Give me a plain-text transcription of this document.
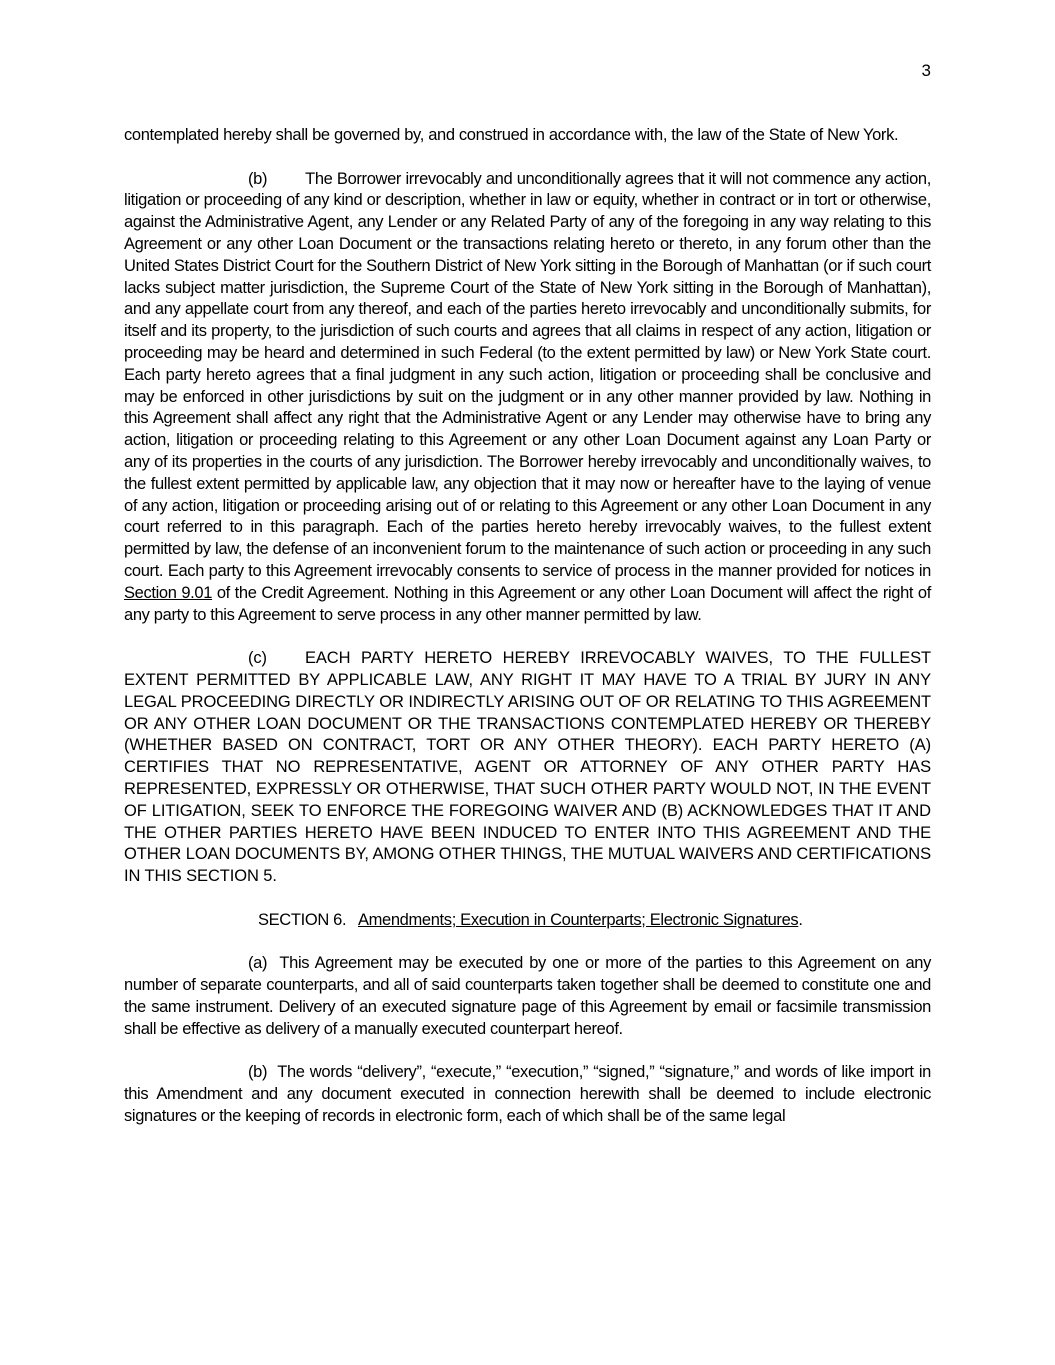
3

contemplated hereby shall be governed by, and construed in accordance with, the law of the State of New York.

(b) The Borrower irrevocably and unconditionally agrees that it will not commence any action, litigation or proceeding of any kind or description, whether in law or equity, whether in contract or in tort or otherwise, against the Administrative Agent, any Lender or any Related Party of any of the foregoing in any way relating to this Agreement or any other Loan Document or the transactions relating hereto or thereto, in any forum other than the United States District Court for the Southern District of New York sitting in the Borough of Manhattan (or if such court lacks subject matter jurisdiction, the Supreme Court of the State of New York sitting in the Borough of Manhattan), and any appellate court from any thereof, and each of the parties hereto irrevocably and unconditionally submits, for itself and its property, to the jurisdiction of such courts and agrees that all claims in respect of any action, litigation or proceeding may be heard and determined in such Federal (to the extent permitted by law) or New York State court. Each party hereto agrees that a final judgment in any such action, litigation or proceeding shall be conclusive and may be enforced in other jurisdictions by suit on the judgment or in any other manner provided by law. Nothing in this Agreement shall affect any right that the Administrative Agent or any Lender may otherwise have to bring any action, litigation or proceeding relating to this Agreement or any other Loan Document against any Loan Party or any of its properties in the courts of any jurisdiction. The Borrower hereby irrevocably and unconditionally waives, to the fullest extent permitted by applicable law, any objection that it may now or hereafter have to the laying of venue of any action, litigation or proceeding arising out of or relating to this Agreement or any other Loan Document in any court referred to in this paragraph. Each of the parties hereto hereby irrevocably waives, to the fullest extent permitted by law, the defense of an inconvenient forum to the maintenance of such action or proceeding in any such court. Each party to this Agreement irrevocably consents to service of process in the manner provided for notices in Section 9.01 of the Credit Agreement. Nothing in this Agreement or any other Loan Document will affect the right of any party to this Agreement to serve process in any other manner permitted by law.

(c) EACH PARTY HERETO HEREBY IRREVOCABLY WAIVES, TO THE FULLEST EXTENT PERMITTED BY APPLICABLE LAW, ANY RIGHT IT MAY HAVE TO A TRIAL BY JURY IN ANY LEGAL PROCEEDING DIRECTLY OR INDIRECTLY ARISING OUT OF OR RELATING TO THIS AGREEMENT OR ANY OTHER LOAN DOCUMENT OR THE TRANSACTIONS CONTEMPLATED HEREBY OR THEREBY (WHETHER BASED ON CONTRACT, TORT OR ANY OTHER THEORY). EACH PARTY HERETO (A) CERTIFIES THAT NO REPRESENTATIVE, AGENT OR ATTORNEY OF ANY OTHER PARTY HAS REPRESENTED, EXPRESSLY OR OTHERWISE, THAT SUCH OTHER PARTY WOULD NOT, IN THE EVENT OF LITIGATION, SEEK TO ENFORCE THE FOREGOING WAIVER AND (B) ACKNOWLEDGES THAT IT AND THE OTHER PARTIES HERETO HAVE BEEN INDUCED TO ENTER INTO THIS AGREEMENT AND THE OTHER LOAN DOCUMENTS BY, AMONG OTHER THINGS, THE MUTUAL WAIVERS AND CERTIFICATIONS IN THIS SECTION 5.

SECTION 6. Amendments; Execution in Counterparts; Electronic Signatures.

(a) This Agreement may be executed by one or more of the parties to this Agreement on any number of separate counterparts, and all of said counterparts taken together shall be deemed to constitute one and the same instrument. Delivery of an executed signature page of this Agreement by email or facsimile transmission shall be effective as delivery of a manually executed counterpart hereof.

(b) The words “delivery”, “execute,” “execution,” “signed,” “signature,” and words of like import in this Amendment and any document executed in connection herewith shall be deemed to include electronic signatures or the keeping of records in electronic form, each of which shall be of the same legal
